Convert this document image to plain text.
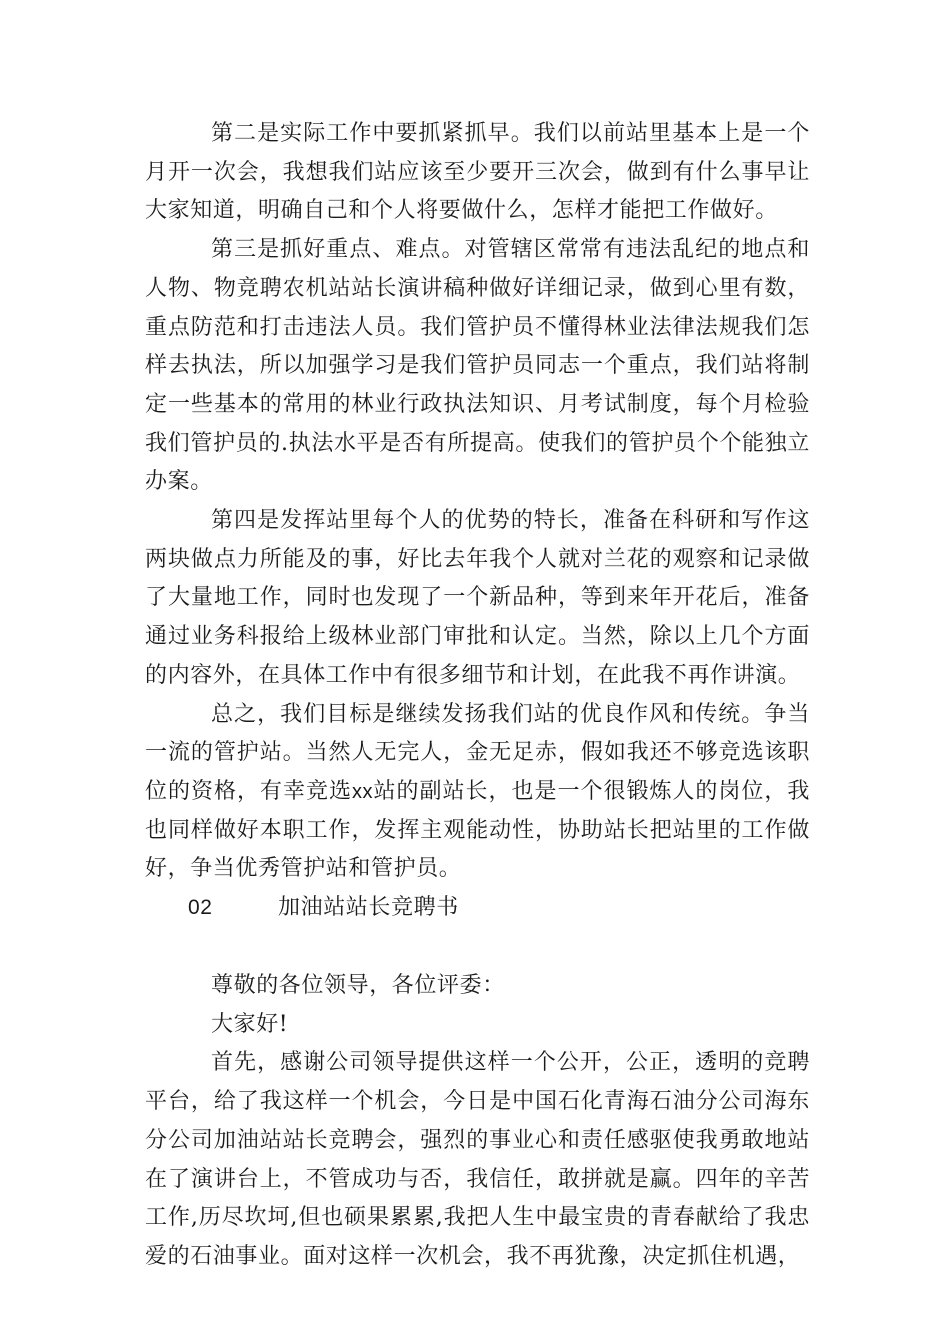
第二是实际工作中要抓紧抓早。我们以前站里基本上是一个月开一次会，我想我们站应该至少要开三次会，做到有什么事早让大家知道，明确自己和个人将要做什么，怎样才能把工作做好。

第三是抓好重点、难点。对管辖区常常有违法乱纪的地点和人物、物竞聘农机站站长演讲稿种做好详细记录，做到心里有数，重点防范和打击违法人员。我们管护员不懂得林业法律法规我们怎样去执法，所以加强学习是我们管护员同志一个重点，我们站将制定一些基本的常用的林业行政执法知识、月考试制度，每个月检验我们管护员的.执法水平是否有所提高。使我们的管护员个个能独立办案。

第四是发挥站里每个人的优势的特长，准备在科研和写作这两块做点力所能及的事，好比去年我个人就对兰花的观察和记录做了大量地工作，同时也发现了一个新品种，等到来年开花后，准备通过业务科报给上级林业部门审批和认定。当然，除以上几个方面的内容外，在具体工作中有很多细节和计划，在此我不再作讲演。

总之，我们目标是继续发扬我们站的优良作风和传统。争当一流的管护站。当然人无完人，金无足赤，假如我还不够竞选该职位的资格，有幸竞选xx站的副站长，也是一个很锻炼人的岗位，我也同样做好本职工作，发挥主观能动性，协助站长把站里的工作做好，争当优秀管护站和管护员。

02	加油站站长竞聘书

尊敬的各位领导，各位评委：

大家好!

首先，感谢公司领导提供这样一个公开，公正，透明的竞聘平台，给了我这样一个机会，今日是中国石化青海石油分公司海东分公司加油站站长竞聘会，强烈的事业心和责任感驱使我勇敢地站在了演讲台上，不管成功与否，我信任，敢拼就是赢。四年的辛苦工作,历尽坎坷,但也硕果累累,我把人生中最宝贵的青春献给了我忠爱的石油事业。面对这样一次机会，我不再犹豫，决定抓住机遇，
